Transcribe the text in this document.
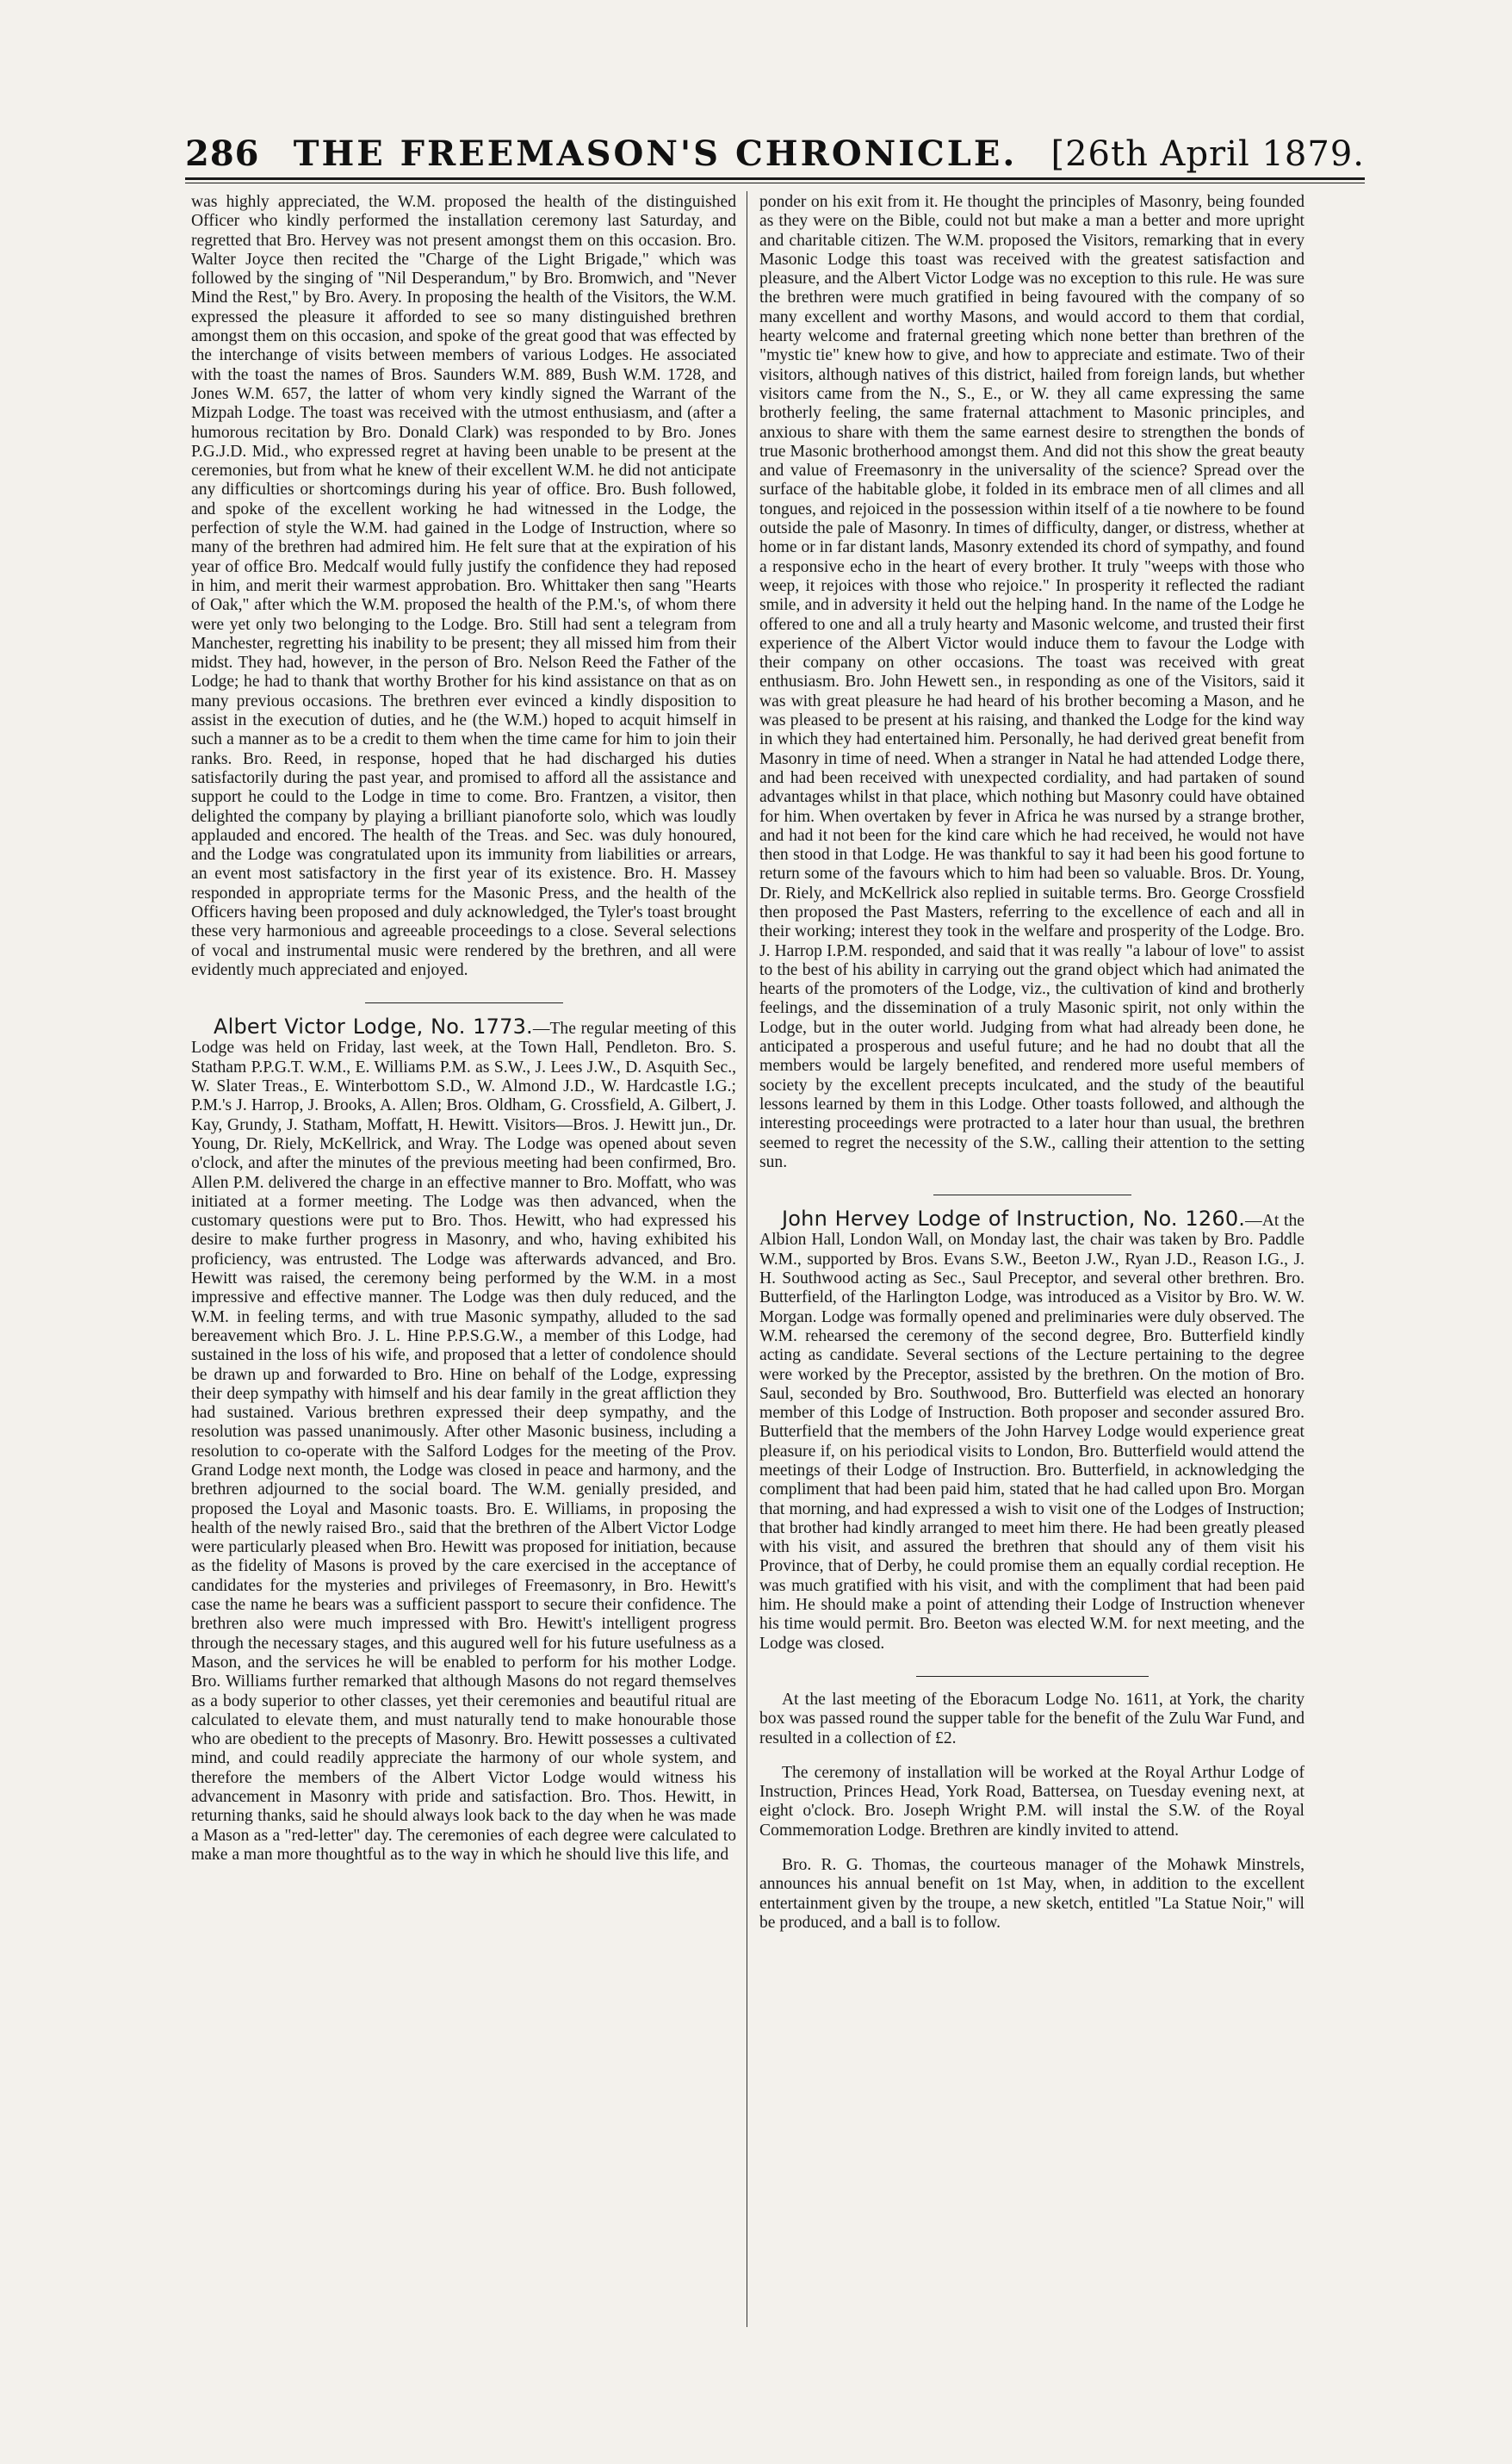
286 THE FREEMASON'S CHRONICLE. [26th April 1879.

was highly appreciated, the W.M. proposed the health of the distinguished Officer who kindly performed the installation ceremony last Saturday, and regretted that Bro. Hervey was not present amongst them on this occasion. Bro. Walter Joyce then recited the "Charge of the Light Brigade," which was followed by the singing of "Nil Desperandum," by Bro. Bromwich, and "Never Mind the Rest," by Bro. Avery. In proposing the health of the Visitors, the W.M. expressed the pleasure it afforded to see so many distinguished brethren amongst them on this occasion, and spoke of the great good that was effected by the interchange of visits between members of various Lodges. He associated with the toast the names of Bros. Saunders W.M. 889, Bush W.M. 1728, and Jones W.M. 657, the latter of whom very kindly signed the Warrant of the Mizpah Lodge. The toast was received with the utmost enthusiasm, and (after a humorous recitation by Bro. Donald Clark) was responded to by Bro. Jones P.G.J.D. Mid., who expressed regret at having been unable to be present at the ceremonies, but from what he knew of their excellent W.M. he did not anticipate any difficulties or shortcomings during his year of office. Bro. Bush followed, and spoke of the excellent working he had witnessed in the Lodge, the perfection of style the W.M. had gained in the Lodge of Instruction, where so many of the brethren had admired him. He felt sure that at the expiration of his year of office Bro. Medcalf would fully justify the confidence they had reposed in him, and merit their warmest approbation. Bro. Whittaker then sang "Hearts of Oak," after which the W.M. proposed the health of the P.M.'s, of whom there were yet only two belonging to the Lodge. Bro. Still had sent a telegram from Manchester, regretting his inability to be present; they all missed him from their midst. They had, however, in the person of Bro. Nelson Reed the Father of the Lodge; he had to thank that worthy Brother for his kind assistance on that as on many previous occasions. The brethren ever evinced a kindly disposition to assist in the execution of duties, and he (the W.M.) hoped to acquit himself in such a manner as to be a credit to them when the time came for him to join their ranks. Bro. Reed, in response, hoped that he had discharged his duties satisfactorily during the past year, and promised to afford all the assistance and support he could to the Lodge in time to come. Bro. Frantzen, a visitor, then delighted the company by playing a brilliant pianoforte solo, which was loudly applauded and encored. The health of the Treas. and Sec. was duly honoured, and the Lodge was congratulated upon its immunity from liabilities or arrears, an event most satisfactory in the first year of its existence. Bro. H. Massey responded in appropriate terms for the Masonic Press, and the health of the Officers having been proposed and duly acknowledged, the Tyler's toast brought these very harmonious and agreeable proceedings to a close. Several selections of vocal and instrumental music were rendered by the brethren, and all were evidently much appreciated and enjoyed.

Albert Victor Lodge, No. 1773.—The regular meeting of this Lodge was held on Friday, last week, at the Town Hall, Pendleton. Bro. S. Statham P.P.G.T. W.M., E. Williams P.M. as S.W., J. Lees J.W., D. Asquith Sec., W. Slater Treas., E. Winterbottom S.D., W. Almond J.D., W. Hardcastle I.G.; P.M.'s J. Harrop, J. Brooks, A. Allen; Bros. Oldham, G. Crossfield, A. Gilbert, J. Kay, Grundy, J. Statham, Moffatt, H. Hewitt. Visitors—Bros. J. Hewitt jun., Dr. Young, Dr. Riely, McKellrick, and Wray. The Lodge was opened about seven o'clock, and after the minutes of the previous meeting had been confirmed, Bro. Allen P.M. delivered the charge in an effective manner to Bro. Moffatt, who was initiated at a former meeting. The Lodge was then advanced, when the customary questions were put to Bro. Thos. Hewitt, who had expressed his desire to make further progress in Masonry, and who, having exhibited his proficiency, was entrusted. The Lodge was afterwards advanced, and Bro. Hewitt was raised, the ceremony being performed by the W.M. in a most impressive and effective manner. The Lodge was then duly reduced, and the W.M. in feeling terms, and with true Masonic sympathy, alluded to the sad bereavement which Bro. J. L. Hine P.P.S.G.W., a member of this Lodge, had sustained in the loss of his wife, and proposed that a letter of condolence should be drawn up and forwarded to Bro. Hine on behalf of the Lodge, expressing their deep sympathy with himself and his dear family in the great affliction they had sustained. Various brethren expressed their deep sympathy, and the resolution was passed unanimously. After other Masonic business, including a resolution to co-operate with the Salford Lodges for the meeting of the Prov. Grand Lodge next month, the Lodge was closed in peace and harmony, and the brethren adjourned to the social board. The W.M. genially presided, and proposed the Loyal and Masonic toasts. Bro. E. Williams, in proposing the health of the newly raised Bro., said that the brethren of the Albert Victor Lodge were particularly pleased when Bro. Hewitt was proposed for initiation, because as the fidelity of Masons is proved by the care exercised in the acceptance of candidates for the mysteries and privileges of Freemasonry, in Bro. Hewitt's case the name he bears was a sufficient passport to secure their confidence. The brethren also were much impressed with Bro. Hewitt's intelligent progress through the necessary stages, and this augured well for his future usefulness as a Mason, and the services he will be enabled to perform for his mother Lodge. Bro. Williams further remarked that although Masons do not regard themselves as a body superior to other classes, yet their ceremonies and beautiful ritual are calculated to elevate them, and must naturally tend to make honourable those who are obedient to the precepts of Masonry. Bro. Hewitt possesses a cultivated mind, and could readily appreciate the harmony of our whole system, and therefore the members of the Albert Victor Lodge would witness his advancement in Masonry with pride and satisfaction. Bro. Thos. Hewitt, in returning thanks, said he should always look back to the day when he was made a Mason as a "red-letter" day. The ceremonies of each degree were calculated to make a man more thoughtful as to the way in which he should live this life, and

ponder on his exit from it. He thought the principles of Masonry, being founded as they were on the Bible, could not but make a man a better and more upright and charitable citizen. The W.M. proposed the Visitors, remarking that in every Masonic Lodge this toast was received with the greatest satisfaction and pleasure, and the Albert Victor Lodge was no exception to this rule. He was sure the brethren were much gratified in being favoured with the company of so many excellent and worthy Masons, and would accord to them that cordial, hearty welcome and fraternal greeting which none better than brethren of the "mystic tie" knew how to give, and how to appreciate and estimate. Two of their visitors, although natives of this district, hailed from foreign lands, but whether visitors came from the N., S., E., or W. they all came expressing the same brotherly feeling, the same fraternal attachment to Masonic principles, and anxious to share with them the same earnest desire to strengthen the bonds of true Masonic brotherhood amongst them. And did not this show the great beauty and value of Freemasonry in the universality of the science? Spread over the surface of the habitable globe, it folded in its embrace men of all climes and all tongues, and rejoiced in the possession within itself of a tie nowhere to be found outside the pale of Masonry. In times of difficulty, danger, or distress, whether at home or in far distant lands, Masonry extended its chord of sympathy, and found a responsive echo in the heart of every brother. It truly "weeps with those who weep, it rejoices with those who rejoice." In prosperity it reflected the radiant smile, and in adversity it held out the helping hand. In the name of the Lodge he offered to one and all a truly hearty and Masonic welcome, and trusted their first experience of the Albert Victor would induce them to favour the Lodge with their company on other occasions. The toast was received with great enthusiasm. Bro. John Hewett sen., in responding as one of the Visitors, said it was with great pleasure he had heard of his brother becoming a Mason, and he was pleased to be present at his raising, and thanked the Lodge for the kind way in which they had entertained him. Personally, he had derived great benefit from Masonry in time of need. When a stranger in Natal he had attended Lodge there, and had been received with unexpected cordiality, and had partaken of sound advantages whilst in that place, which nothing but Masonry could have obtained for him. When overtaken by fever in Africa he was nursed by a strange brother, and had it not been for the kind care which he had received, he would not have then stood in that Lodge. He was thankful to say it had been his good fortune to return some of the favours which to him had been so valuable. Bros. Dr. Young, Dr. Riely, and McKellrick also replied in suitable terms. Bro. George Crossfield then proposed the Past Masters, referring to the excellence of each and all in their working; interest they took in the welfare and prosperity of the Lodge. Bro. J. Harrop I.P.M. responded, and said that it was really "a labour of love" to assist to the best of his ability in carrying out the grand object which had animated the hearts of the promoters of the Lodge, viz., the cultivation of kind and brotherly feelings, and the dissemination of a truly Masonic spirit, not only within the Lodge, but in the outer world. Judging from what had already been done, he anticipated a prosperous and useful future; and he had no doubt that all the members would be largely benefited, and rendered more useful members of society by the excellent precepts inculcated, and the study of the beautiful lessons learned by them in this Lodge. Other toasts followed, and although the interesting proceedings were protracted to a later hour than usual, the brethren seemed to regret the necessity of the S.W., calling their attention to the setting sun.

John Hervey Lodge of Instruction, No. 1260.—At the Albion Hall, London Wall, on Monday last, the chair was taken by Bro. Paddle W.M., supported by Bros. Evans S.W., Beeton J.W., Ryan J.D., Reason I.G., J. H. Southwood acting as Sec., Saul Preceptor, and several other brethren. Bro. Butterfield, of the Harlington Lodge, was introduced as a Visitor by Bro. W. W. Morgan. Lodge was formally opened and preliminaries were duly observed. The W.M. rehearsed the ceremony of the second degree, Bro. Butterfield kindly acting as candidate. Several sections of the Lecture pertaining to the degree were worked by the Preceptor, assisted by the brethren. On the motion of Bro. Saul, seconded by Bro. Southwood, Bro. Butterfield was elected an honorary member of this Lodge of Instruction. Both proposer and seconder assured Bro. Butterfield that the members of the John Harvey Lodge would experience great pleasure if, on his periodical visits to London, Bro. Butterfield would attend the meetings of their Lodge of Instruction. Bro. Butterfield, in acknowledging the compliment that had been paid him, stated that he had called upon Bro. Morgan that morning, and had expressed a wish to visit one of the Lodges of Instruction; that brother had kindly arranged to meet him there. He had been greatly pleased with his visit, and assured the brethren that should any of them visit his Province, that of Derby, he could promise them an equally cordial reception. He was much gratified with his visit, and with the compliment that had been paid him. He should make a point of attending their Lodge of Instruction whenever his time would permit. Bro. Beeton was elected W.M. for next meeting, and the Lodge was closed.

At the last meeting of the Eboracum Lodge No. 1611, at York, the charity box was passed round the supper table for the benefit of the Zulu War Fund, and resulted in a collection of £2.

The ceremony of installation will be worked at the Royal Arthur Lodge of Instruction, Princes Head, York Road, Battersea, on Tuesday evening next, at eight o'clock. Bro. Joseph Wright P.M. will instal the S.W. of the Royal Commemoration Lodge. Brethren are kindly invited to attend.

Bro. R. G. Thomas, the courteous manager of the Mohawk Minstrels, announces his annual benefit on 1st May, when, in addition to the excellent entertainment given by the troupe, a new sketch, entitled "La Statue Noir," will be produced, and a ball is to follow.
